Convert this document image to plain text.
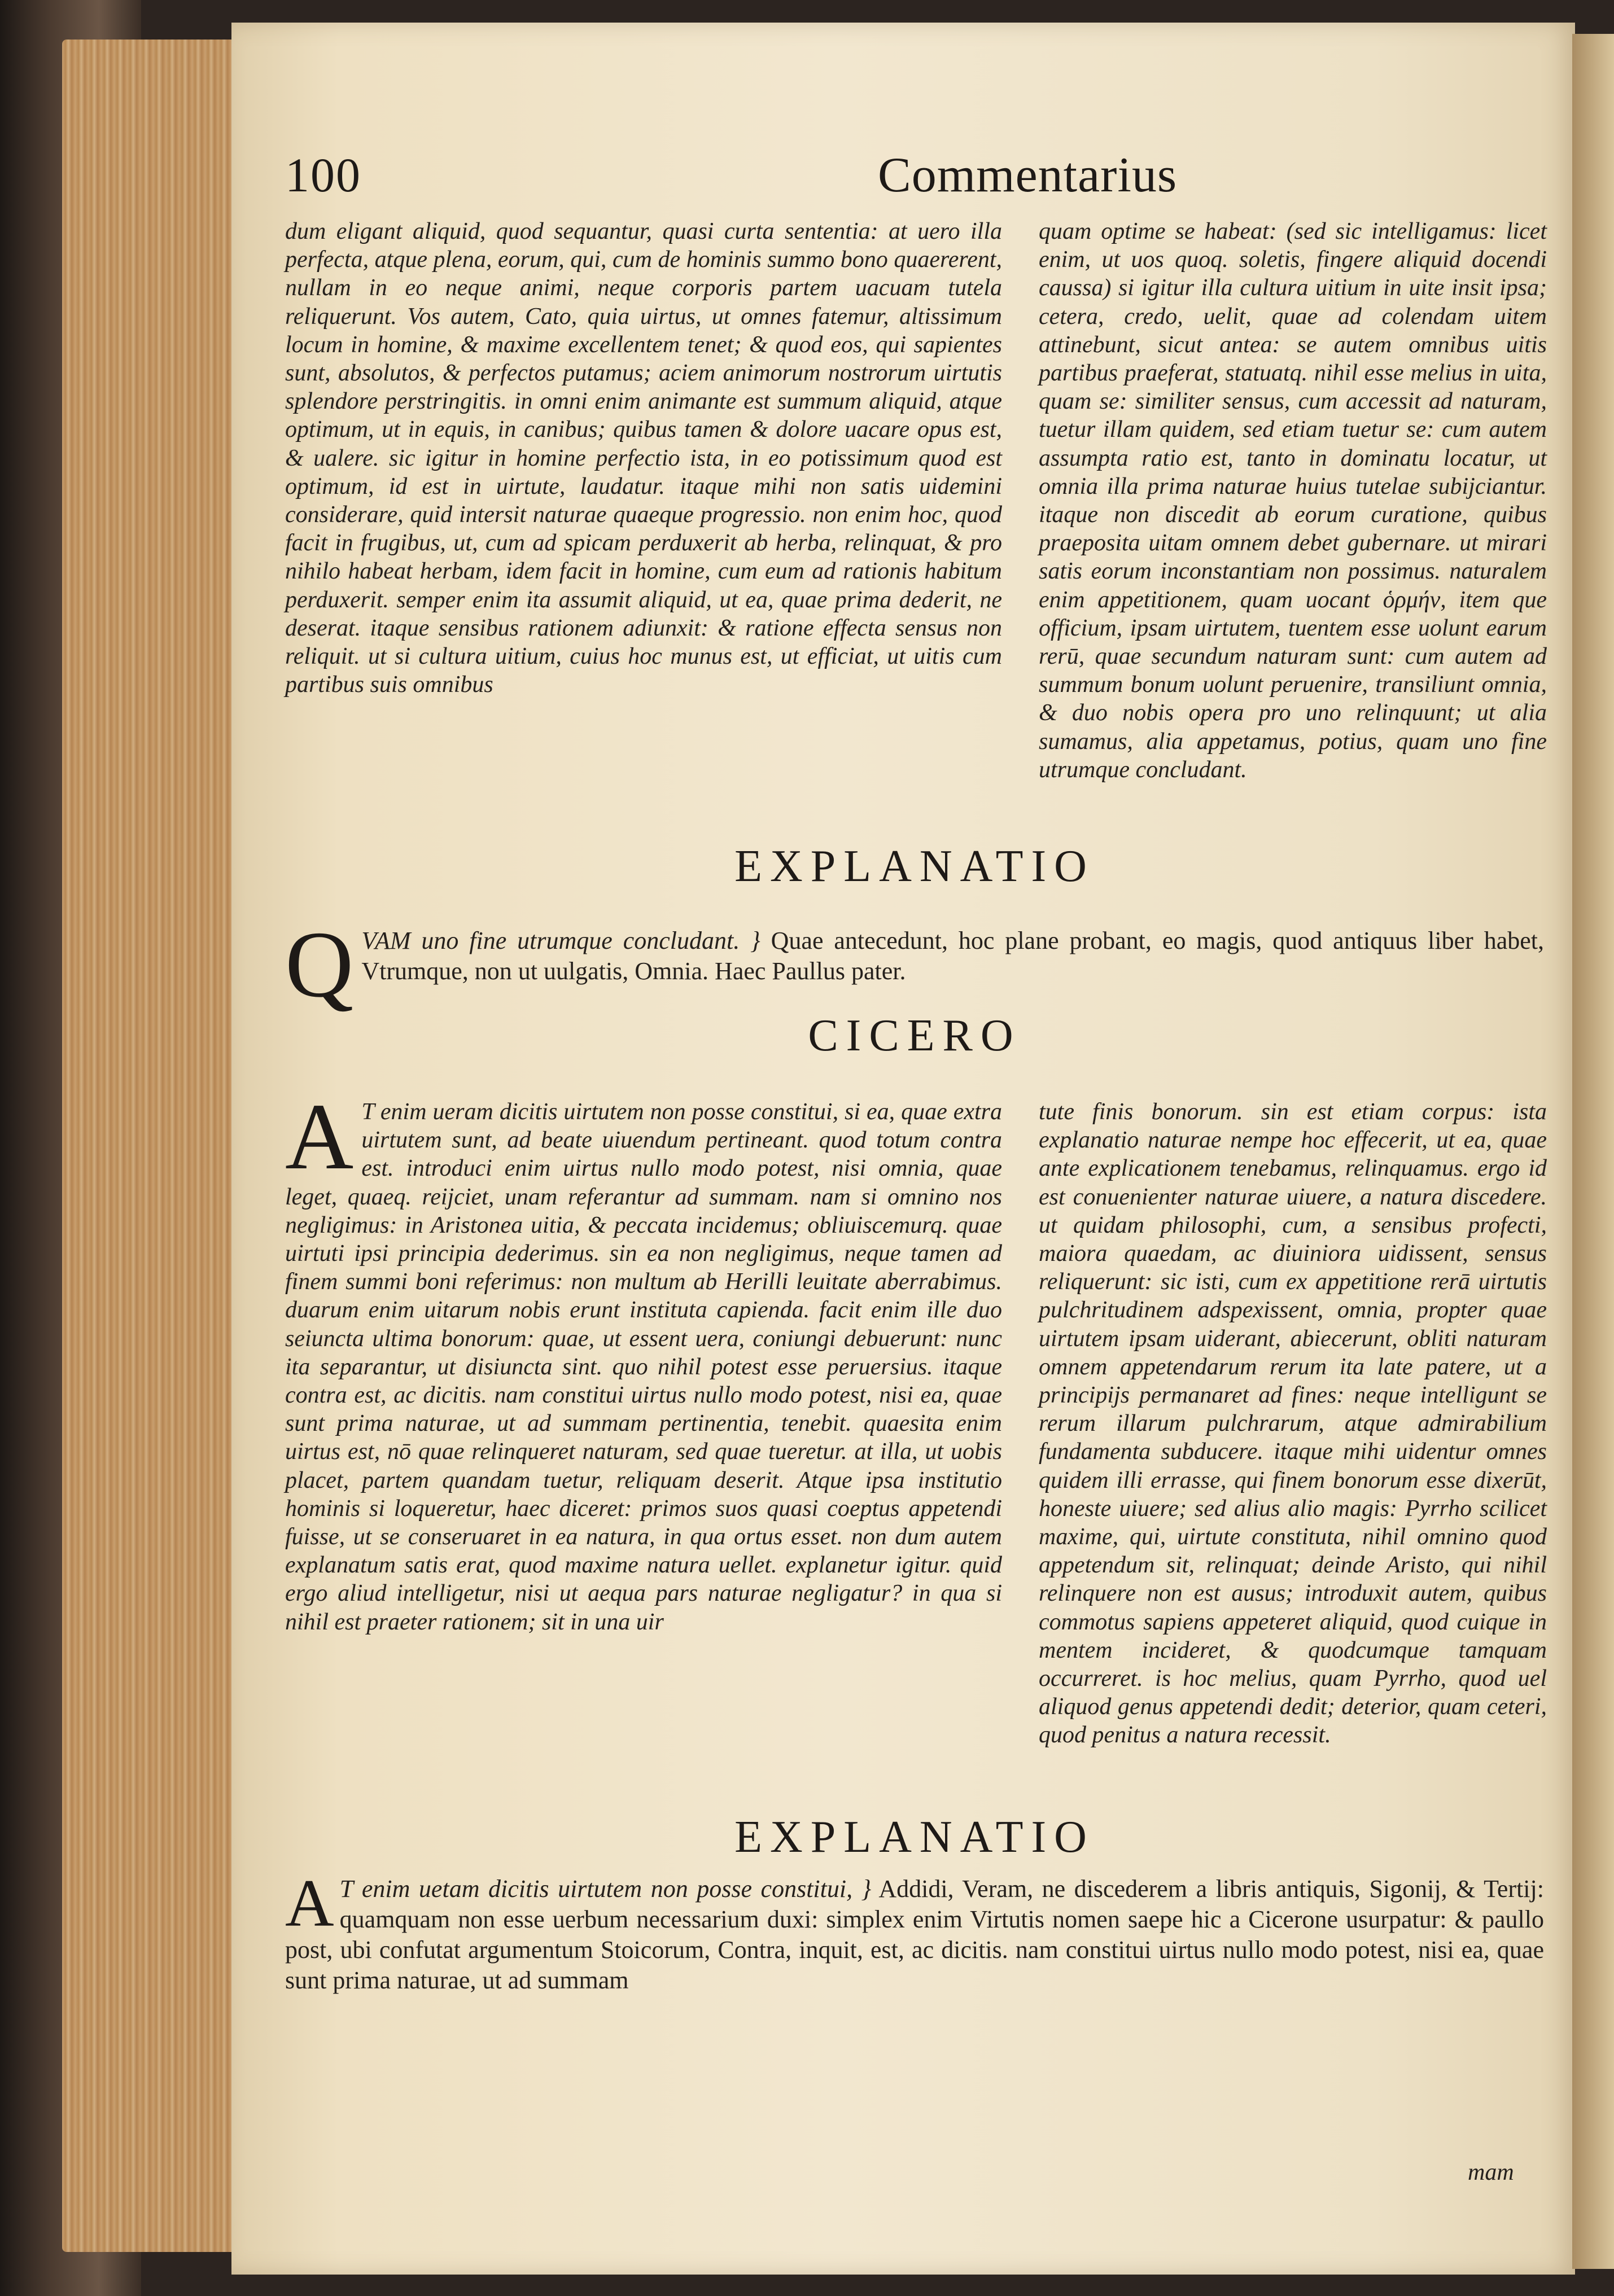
100	Commentarius

dum eligant aliquid, quod sequantur, quasi curta sententia: at uero illa perfecta, atque plena, eorum, qui, cum de hominis summo bono quaererent, nullam in eo neque animi, neque corporis partem uacuam tutela reliquerunt. Vos autem, Cato, quia uirtus, ut omnes fatemur, altissimum locum in homine, & maxime excellentem tenet; & quod eos, qui sapientes sunt, absolutos, & perfectos putamus; aciem animorum nostrorum uirtutis splendore perstringitis. in omni enim animante est summum aliquid, atque optimum, ut in equis, in canibus; quibus tamen & dolore uacare opus est, & ualere. sic igitur in homine perfectio ista, in eo potissimum quod est optimum, id est in uirtute, laudatur. itaque mihi non satis uidemini considerare, quid intersit naturae quaeque progressio. non enim hoc, quod facit in frugibus, ut, cum ad spicam perduxerit ab herba, relinquat, & pro nihilo habeat herbam, idem facit in homine, cum eum ad rationis habitum perduxerit. semper enim ita assumit aliquid, ut ea, quae prima dederit, ne deserat. itaque sensibus rationem adiunxit: & ratione effecta sensus non reliquit. ut si cultura uitium, cuius hoc munus est, ut efficiat, ut uitis cum partibus suis omnibus

quam optime se habeat: (sed sic intelligamus: licet enim, ut uos quoq. soletis, fingere aliquid docendi caussa) si igitur illa cultura uitium in uite insit ipsa; cetera, credo, uelit, quae ad colendam uitem attinebunt, sicut antea: se autem omnibus uitis partibus praeferat, statuatq. nihil esse melius in uita, quam se: similiter sensus, cum accessit ad naturam, tuetur illam quidem, sed etiam tuetur se: cum autem assumpta ratio est, tanto in dominatu locatur, ut omnia illa prima naturae huius tutelae subijciantur. itaque non discedit ab eorum curatione, quibus praeposita uitam omnem debet gubernare. ut mirari satis eorum inconstantiam non possimus. naturalem enim appetitionem, quam uocant ὁρμήν, item que officium, ipsam uirtutem, tuentem esse uolunt earum rerū, quae secundum naturam sunt: cum autem ad summum bonum uolunt peruenire, transiliunt omnia, & duo nobis opera pro uno relinquunt; ut alia sumamus, alia appetamus, potius, quam uno fine utrumque concludant.

EXPLANATIO
Q VAM uno fine utrumque concludant. } Quae antecedunt, hoc plane probant, eo magis, quod antiquus liber habet, Vtrumque, non ut uulgatis, Omnia. Haec Paullus pater.
CICERO
A T enim ueram dicitis uirtutem non posse constitui, si ea, quae extra uirtutem sunt, ad beate uiuendum pertineant. quod totum contra est. introduci enim uirtus nullo modo potest, nisi omnia, quae leget, quaeq. reijciet, unam referantur ad summam. nam si omnino nos negligimus: in Aristonea uitia, & peccata incidemus; obliuiscemurq. quae uirtuti ipsi principia dederimus. sin ea non negligimus, neque tamen ad finem summi boni referimus: non multum ab Herilli leuitate aberrabimus. duarum enim uitarum nobis erunt instituta capienda. facit enim ille duo seiuncta ultima bonorum: quae, ut essent uera, coniungi debuerunt: nunc ita separantur, ut disiuncta sint. quo nihil potest esse peruersius. itaque contra est, ac dicitis. nam constitui uirtus nullo modo potest, nisi ea, quae sunt prima naturae, ut ad summam pertinentia, tenebit. quaesita enim uirtus est, nō quae relinqueret naturam, sed quae tueretur. at illa, ut uobis placet, partem quandam tuetur, reliquam deserit. Atque ipsa institutio hominis si loqueretur, haec diceret: primos suos quasi coeptus appetendi fuisse, ut se conseruaret in ea natura, in qua ortus esset. non dum autem explanatum satis erat, quod maxime natura uellet. explanetur igitur. quid ergo aliud intelligetur, nisi ut aequa pars naturae negligatur? in qua si nihil est praeter rationem; sit in una uir

tute finis bonorum. sin est etiam corpus: ista explanatio naturae nempe hoc effecerit, ut ea, quae ante explicationem tenebamus, relinquamus. ergo id est conuenienter naturae uiuere, a natura discedere. ut quidam philosophi, cum, a sensibus profecti, maiora quaedam, ac diuiniora uidissent, sensus reliquerunt: sic isti, cum ex appetitione rerā uirtutis pulchritudinem adspexissent, omnia, propter quae uirtutem ipsam uiderant, abiecerunt, obliti naturam omnem appetendarum rerum ita late patere, ut a principijs permanaret ad fines: neque intelligunt se rerum illarum pulchrarum, atque admirabilium fundamenta subducere. itaque mihi uidentur omnes quidem illi errasse, qui finem bonorum esse dixerūt, honeste uiuere; sed alius alio magis: Pyrrho scilicet maxime, qui, uirtute constituta, nihil omnino quod appetendum sit, relinquat; deinde Aristo, qui nihil relinquere non est ausus; introduxit autem, quibus commotus sapiens appeteret aliquid, quod cuique in mentem incideret, & quodcumque tamquam occurreret. is hoc melius, quam Pyrrho, quod uel aliquod genus appetendi dedit; deterior, quam ceteri, quod penitus a natura recessit.

EXPLANATIO
A T enim uetam dicitis uirtutem non posse constitui, } Addidi, Veram, ne discederem a libris antiquis, Sigonij, & Tertij: quamquam non esse uerbum necessarium duxi: simplex enim Virtutis nomen saepe hic a Cicerone usurpatur: & paullo post, ubi confutat argumentum Stoicorum, Contra, inquit, est, ac dicitis. nam constitui uirtus nullo modo potest, nisi ea, quae sunt prima naturae, ut ad summam
mam
